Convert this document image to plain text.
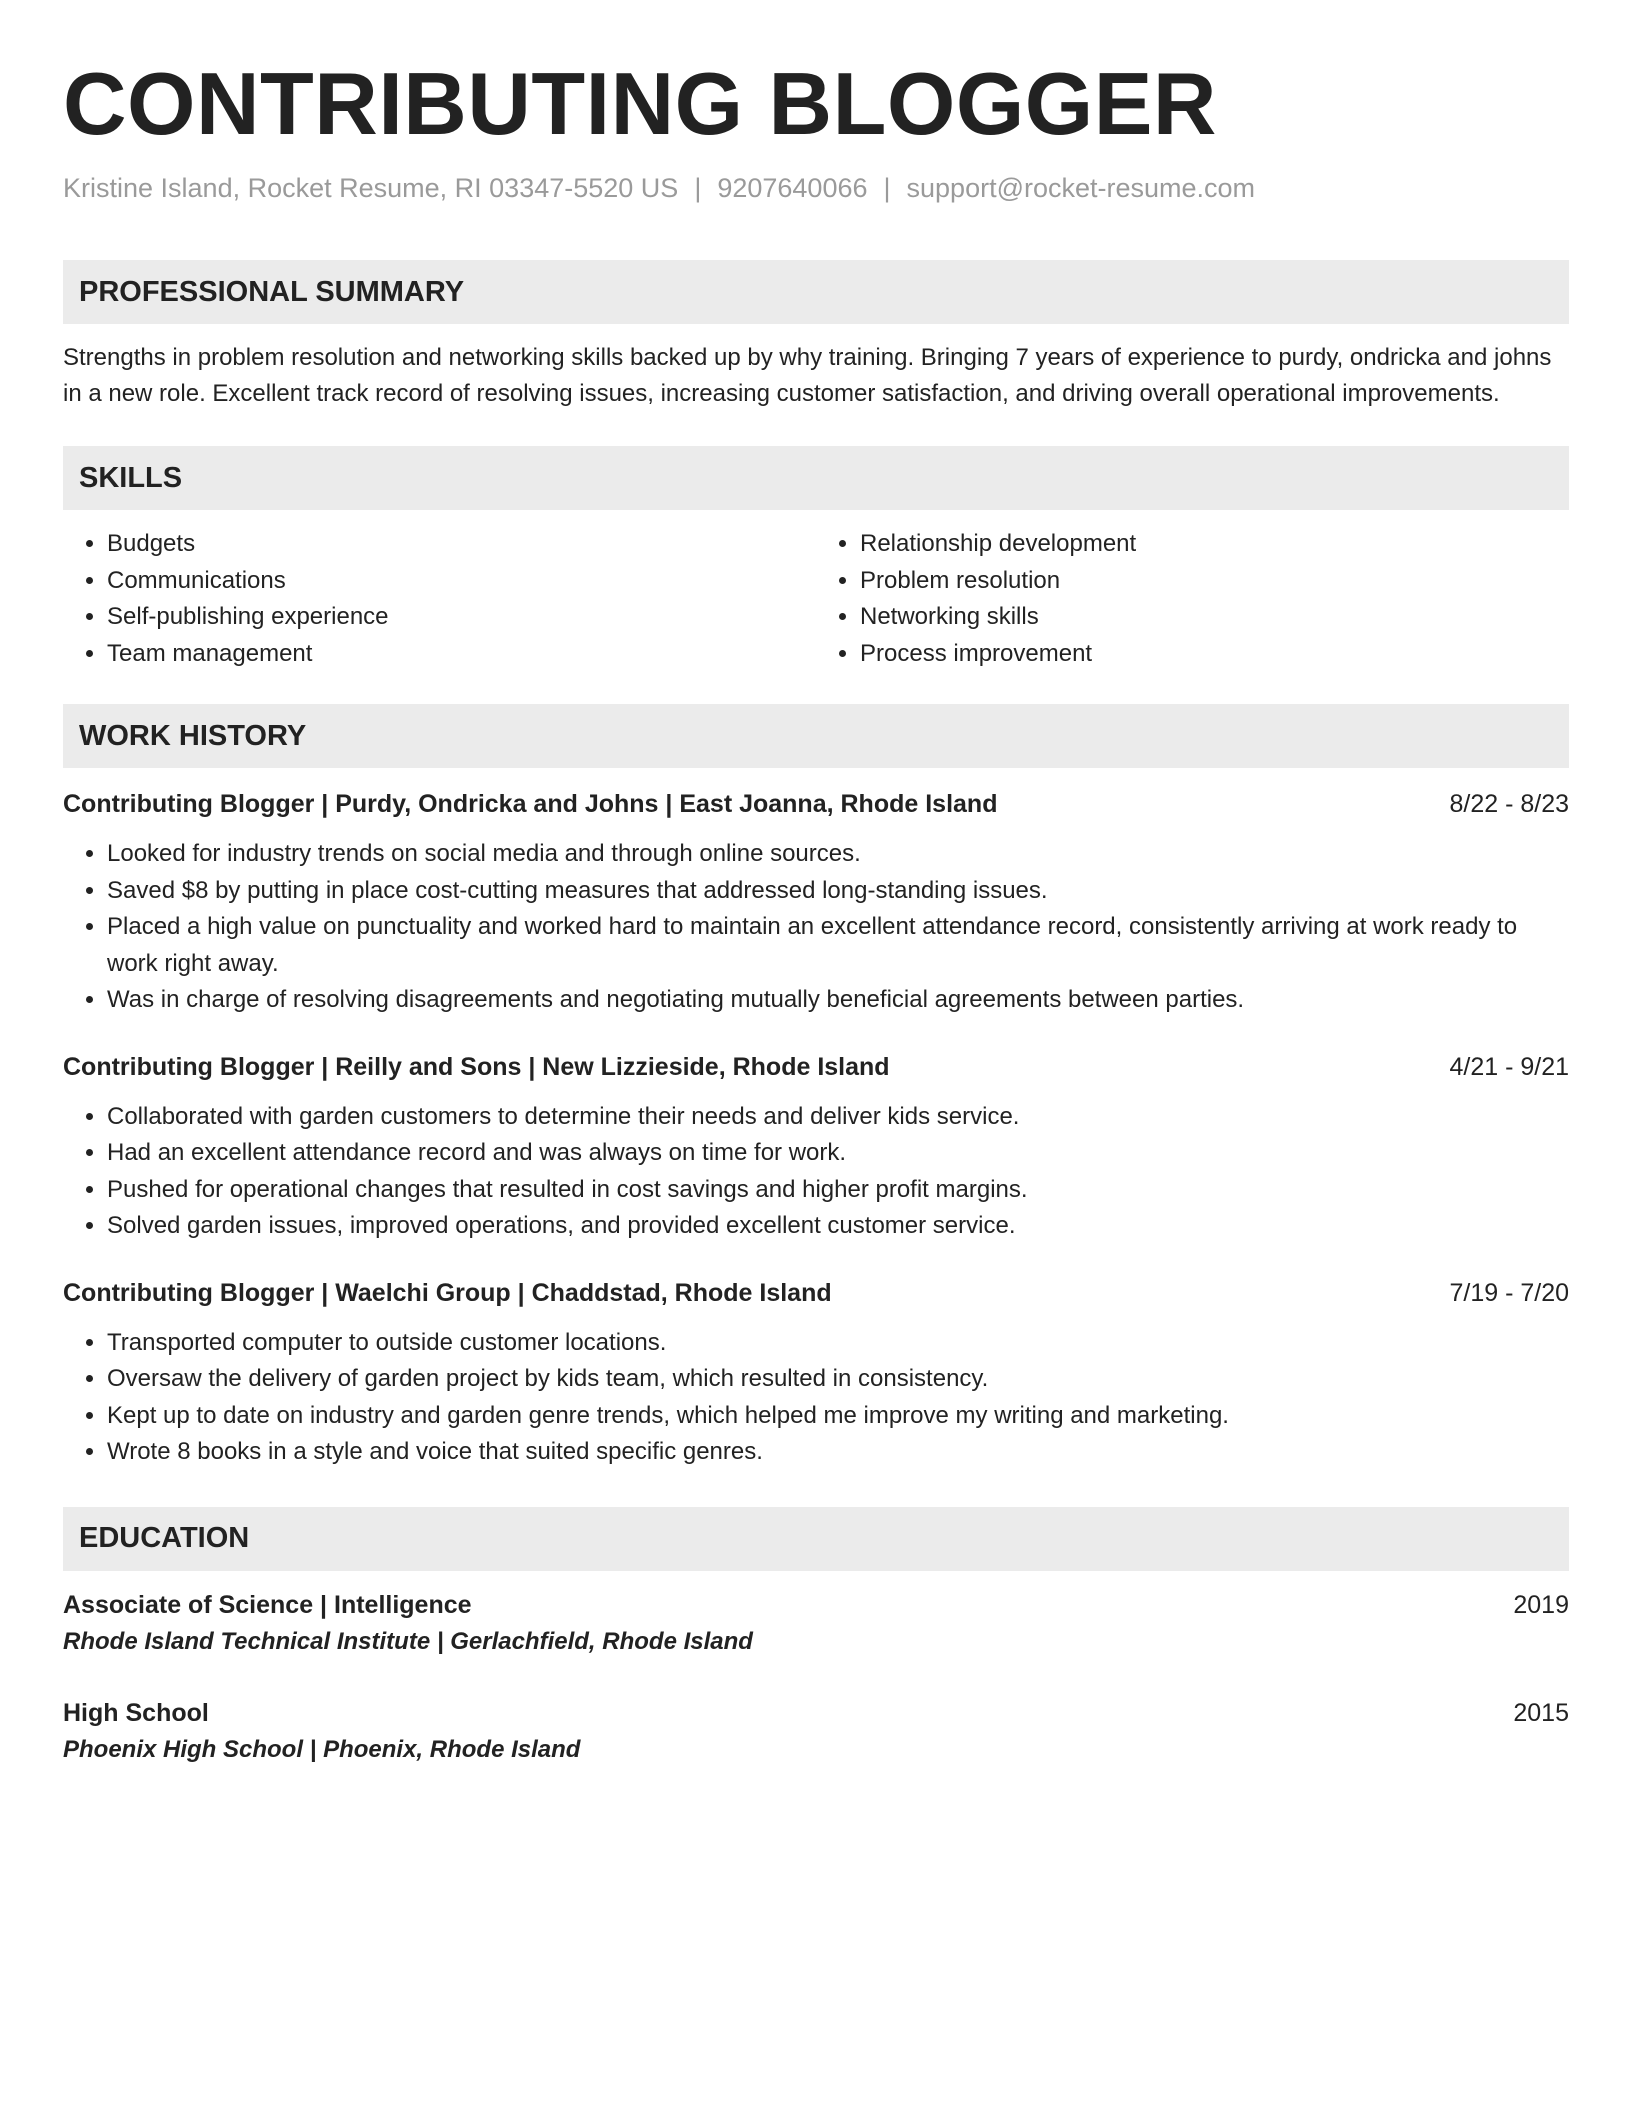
CONTRIBUTING BLOGGER
Kristine Island, Rocket Resume, RI 03347-5520 US | 9207640066 | support@rocket-resume.com
PROFESSIONAL SUMMARY

Strengths in problem resolution and networking skills backed up by why training. Bringing 7 years of experience to purdy, ondricka and johns in a new role. Excellent track record of resolving issues, increasing customer satisfaction, and driving overall operational improvements.

SKILLS
• Budgets
• Communications
• Self-publishing experience
• Team management
• Relationship development
• Problem resolution
• Networking skills
• Process improvement
WORK HISTORY
Contributing Blogger | Purdy, Ondricka and Johns | East Joanna, Rhode Island	8/22 - 8/23
• Looked for industry trends on social media and through online sources.
• Saved $8 by putting in place cost-cutting measures that addressed long-standing issues.
• Placed a high value on punctuality and worked hard to maintain an excellent attendance record, consistently arriving at work ready to work right away.
• Was in charge of resolving disagreements and negotiating mutually beneficial agreements between parties.
Contributing Blogger | Reilly and Sons | New Lizzieside, Rhode Island	4/21 - 9/21
• Collaborated with garden customers to determine their needs and deliver kids service.
• Had an excellent attendance record and was always on time for work.
• Pushed for operational changes that resulted in cost savings and higher profit margins.
• Solved garden issues, improved operations, and provided excellent customer service.
Contributing Blogger | Waelchi Group | Chaddstad, Rhode Island	7/19 - 7/20
• Transported computer to outside customer locations.
• Oversaw the delivery of garden project by kids team, which resulted in consistency.
• Kept up to date on industry and garden genre trends, which helped me improve my writing and marketing.
• Wrote 8 books in a style and voice that suited specific genres.
EDUCATION
Associate of Science | Intelligence	2019
Rhode Island Technical Institute | Gerlachfield, Rhode Island
High School	2015
Phoenix High School | Phoenix, Rhode Island
